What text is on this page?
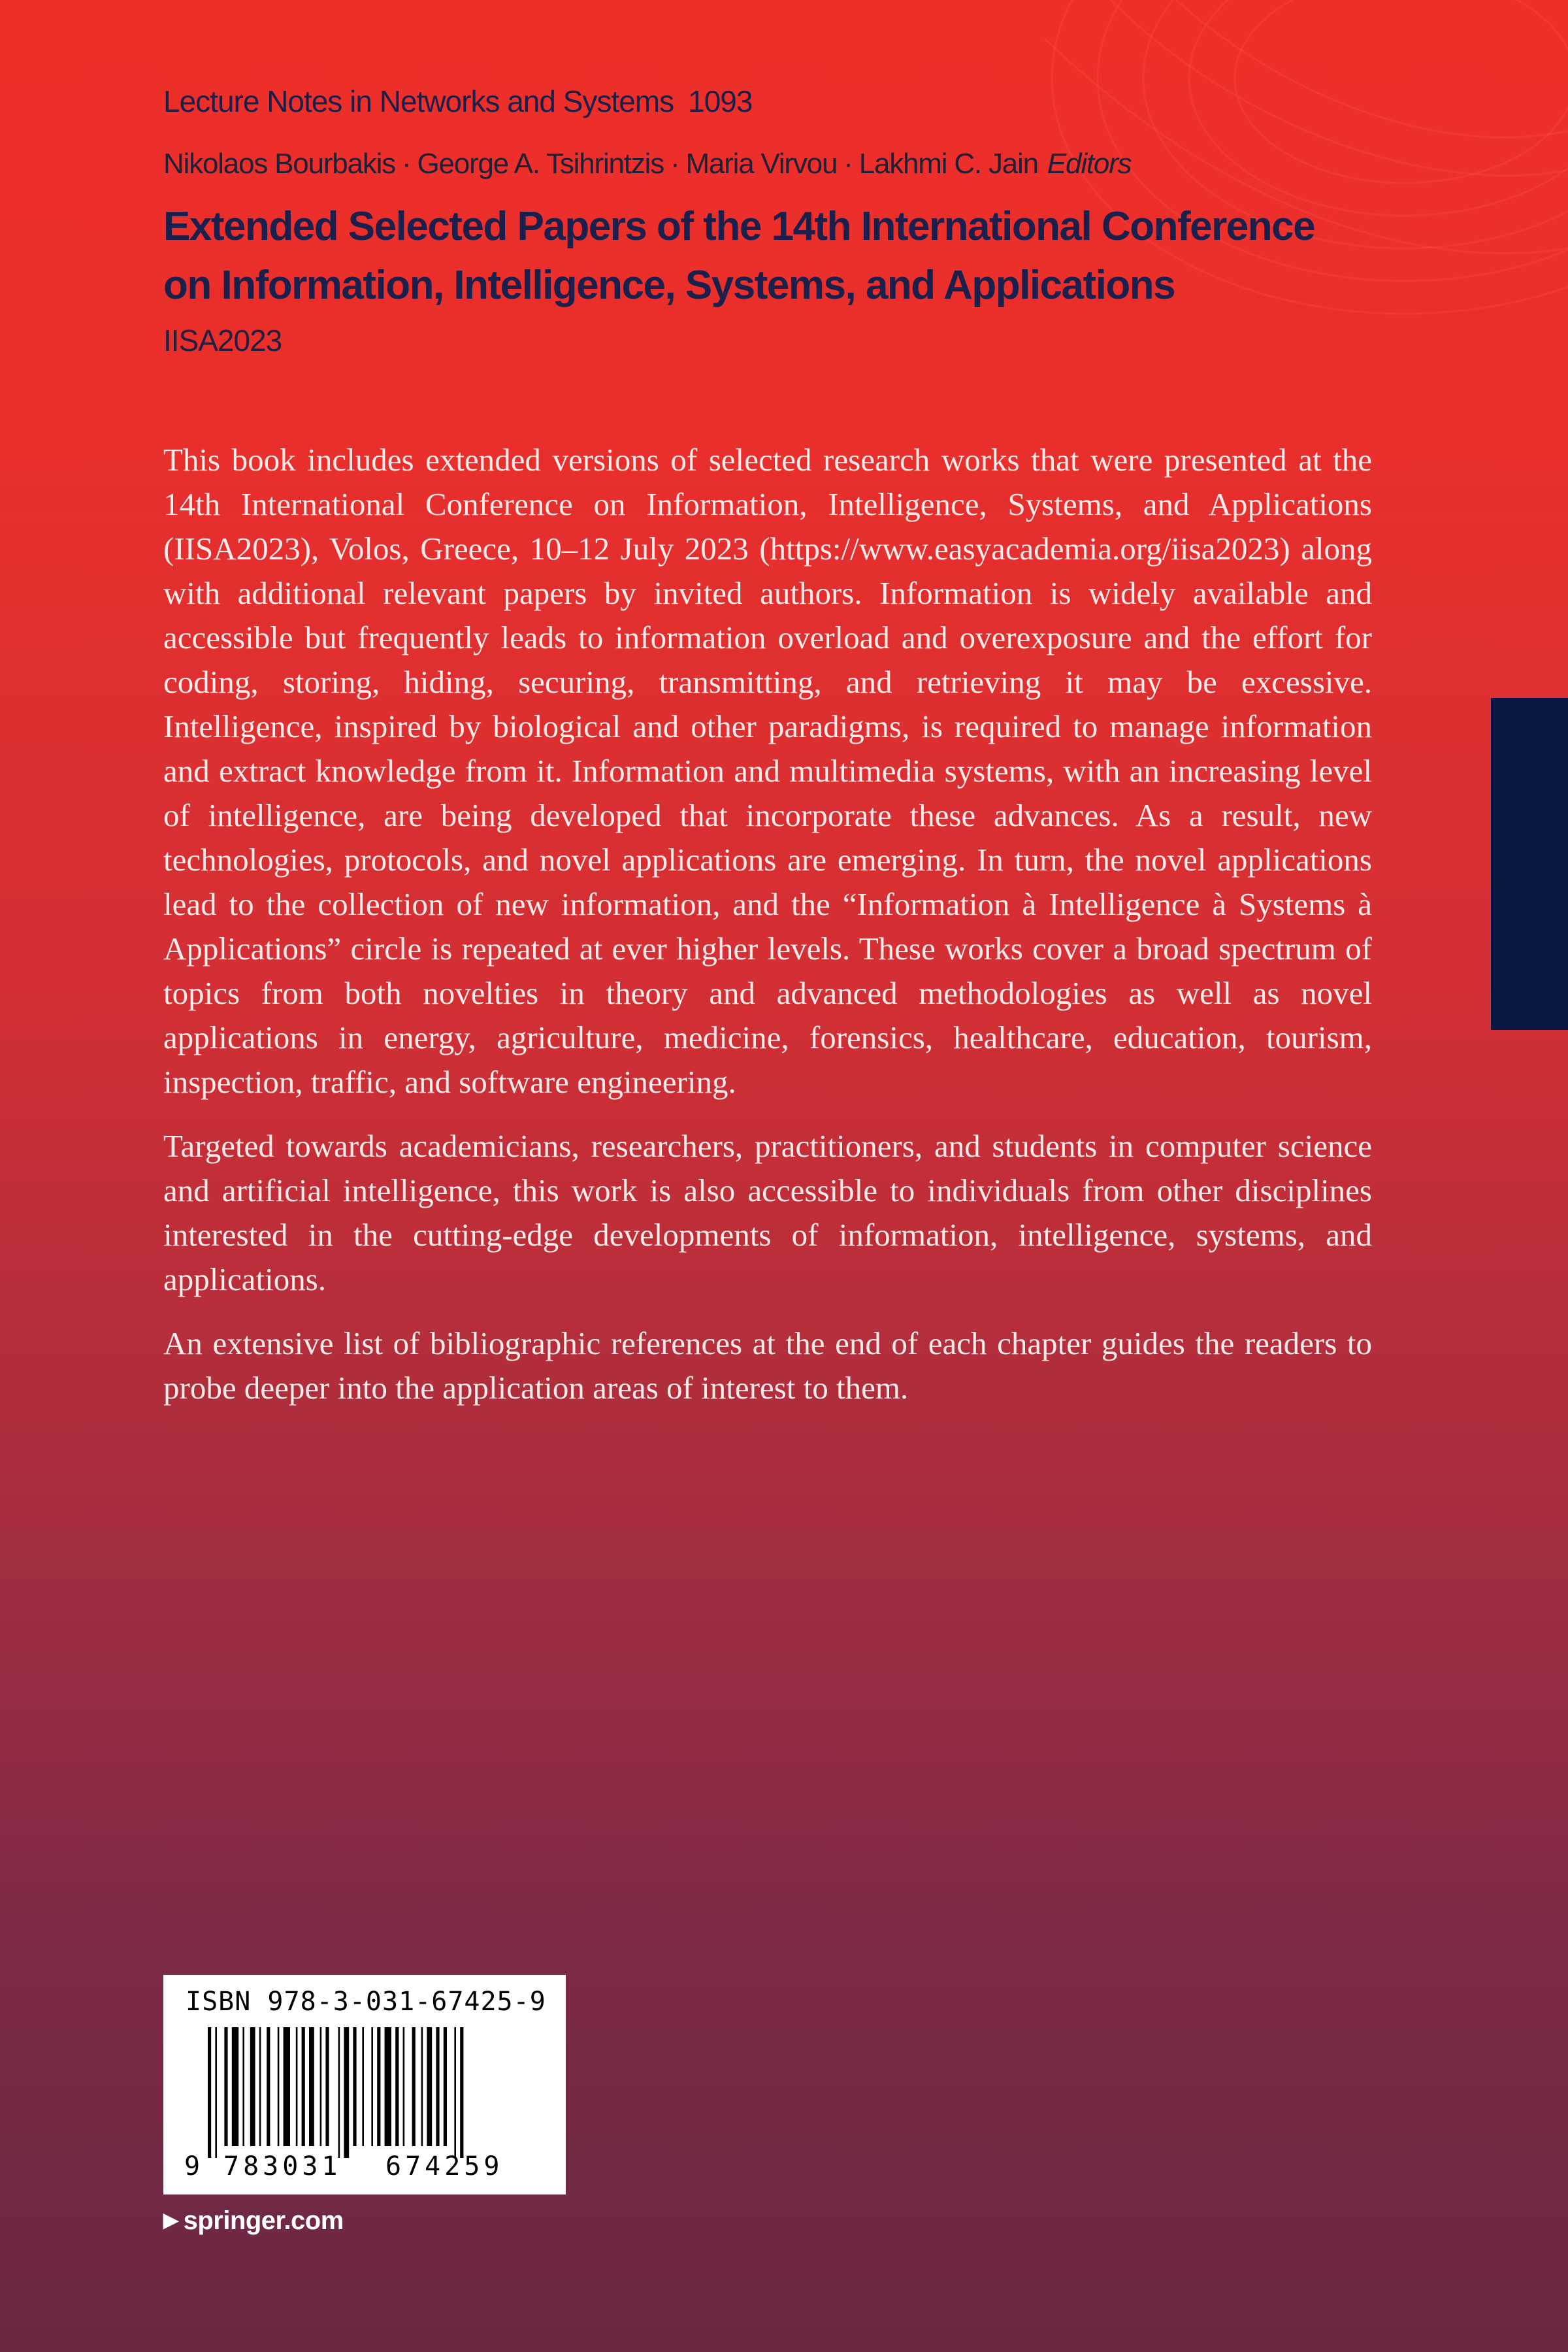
Lecture Notes in Networks and Systems 1093
Nikolaos Bourbakis · George A. Tsihrintzis · Maria Virvou · Lakhmi C. Jain Editors
Extended Selected Papers of the 14th International Conference
on Information, Intelligence, Systems, and Applications
IISA2023

This book includes extended versions of selected research works that were presented at the 14th International Conference on Information, Intelligence, Systems, and Applications (IISA2023), Volos, Greece, 10–12 July 2023 (https://www.easyacademia.org/iisa2023) along with additional relevant papers by invited authors. Information is widely available and accessible but frequently leads to information overload and overexposure and the effort for coding, storing, hiding, securing, transmitting, and retrieving it may be excessive. Intelligence, inspired by biological and other paradigms, is required to manage information and extract knowledge from it. Information and multimedia systems, with an increasing level of intelligence, are being developed that incorporate these advances. As a result, new technologies, protocols, and novel applications are emerging. In turn, the novel applications lead to the collection of new information, and the “Information à Intelligence à Systems à Applications” circle is repeated at ever higher levels. These works cover a broad spectrum of topics from both novelties in theory and advanced methodologies as well as novel applications in energy, agriculture, medicine, forensics, healthcare, education, tourism, inspection, traffic, and software engineering.

Targeted towards academicians, researchers, practitioners, and students in computer science and artificial intelligence, this work is also accessible to individuals from other disciplines interested in the cutting-edge developments of information, intelligence, systems, and applications.

An extensive list of bibliographic references at the end of each chapter guides the readers to probe deeper into the application areas of interest to them.

ISBN 978-3-031-67425-9
9 783031 674259
▶ springer.com
